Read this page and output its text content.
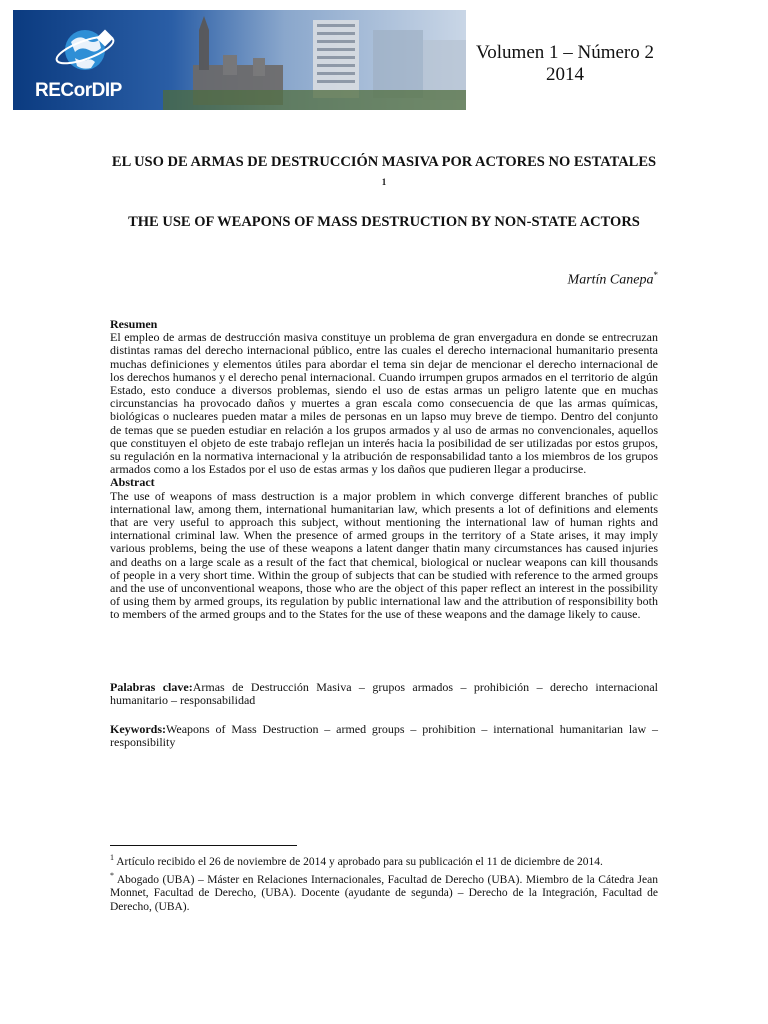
RECorDIP
Volumen 1 – Número 2
2014
EL USO DE ARMAS DE DESTRUCCIÓN MASIVA POR ACTORES NO ESTATALES $^1$
THE USE OF WEAPONS OF MASS DESTRUCTION BY NON-STATE ACTORS
Martín Canepa*
Resumen
El empleo de armas de destrucción masiva constituye un problema de gran envergadura en donde se entrecruzan distintas ramas del derecho internacional público, entre las cuales el derecho internacional humanitario presenta muchas definiciones y elementos útiles para abordar el tema sin dejar de mencionar el derecho internacional de los derechos humanos y el derecho penal internacional. Cuando irrumpen grupos armados en el territorio de algún Estado, esto conduce a diversos problemas, siendo el uso de estas armas un peligro latente que en muchas circunstancias ha provocado daños y muertes a gran escala como consecuencia de que las armas químicas, biológicas o nucleares pueden matar a miles de personas en un lapso muy breve de tiempo. Dentro del conjunto de temas que se pueden estudiar en relación a los grupos armados y al uso de armas no convencionales, aquellos que constituyen el objeto de este trabajo reflejan un interés hacia la posibilidad de ser utilizadas por estos grupos, su regulación en la normativa internacional y la atribución de responsabilidad tanto a los miembros de los grupos armados como a los Estados por el uso de estas armas y los daños que pudieren llegar a producirse.
Abstract
The use of weapons of mass destruction is a major problem in which converge different branches of public international law, among them, international humanitarian law, which presents a lot of definitions and elements that are very useful to approach this subject, without mentioning the international law of human rights and international criminal law. When the presence of armed groups in the territory of a State arises, it may imply various problems, being the use of these weapons a latent danger thatin many circumstances has caused injuries and deaths on a large scale as a result of the fact that chemical, biological or nuclear weapons can kill thousands of people in a very short time. Within the group of subjects that can be studied with reference to the armed groups and the use of unconventional weapons, those who are the object of this paper reflect an interest in the possibility of using them by armed groups, its regulation by public international law and the attribution of responsibility both to members of the armed groups and to the States for the use of these weapons and the damage likely to cause.
Palabras clave:Armas de Destrucción Masiva – grupos armados – prohibición – derecho internacional humanitario – responsabilidad
Keywords:Weapons of Mass Destruction – armed groups – prohibition – international humanitarian law – responsibility
$^1$ Artículo recibido el 26 de noviembre de 2014 y aprobado para su publicación el 11 de diciembre de 2014.
* Abogado (UBA) – Máster en Relaciones Internacionales, Facultad de Derecho (UBA). Miembro de la Cátedra Jean Monnet, Facultad de Derecho, (UBA). Docente (ayudante de segunda) – Derecho de la Integración, Facultad de Derecho, (UBA).
